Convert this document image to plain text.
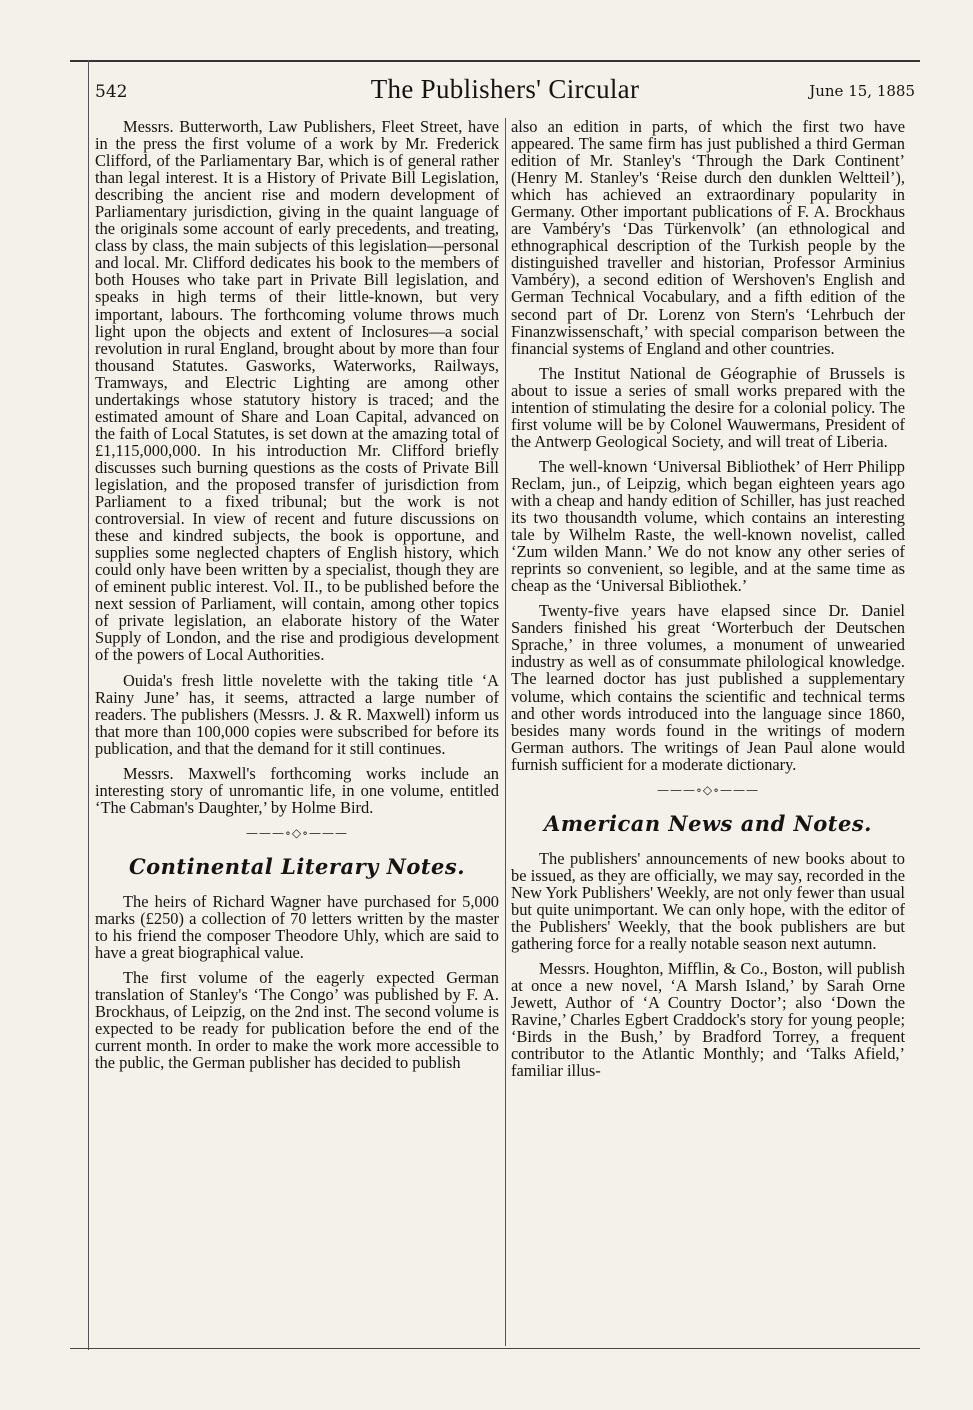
542	The Publishers' Circular	June 15, 1885

Messrs. Butterworth, Law Publishers, Fleet Street, have in the press the first volume of a work by Mr. Frederick Clifford, of the Parliamentary Bar, which is of general rather than legal interest. It is a History of Private Bill Legislation, describing the ancient rise and modern development of Parliamentary jurisdiction, giving in the quaint language of the originals some account of early precedents, and treating, class by class, the main subjects of this legislation—personal and local. Mr. Clifford dedicates his book to the members of both Houses who take part in Private Bill legislation, and speaks in high terms of their little-known, but very important, labours. The forthcoming volume throws much light upon the objects and extent of Inclosures—a social revolution in rural England, brought about by more than four thousand Statutes. Gasworks, Waterworks, Railways, Tramways, and Electric Lighting are among other undertakings whose statutory history is traced; and the estimated amount of Share and Loan Capital, advanced on the faith of Local Statutes, is set down at the amazing total of £1,115,000,000. In his introduction Mr. Clifford briefly discusses such burning questions as the costs of Private Bill legislation, and the proposed transfer of jurisdiction from Parliament to a fixed tribunal; but the work is not controversial. In view of recent and future discussions on these and kindred subjects, the book is opportune, and supplies some neglected chapters of English history, which could only have been written by a specialist, though they are of eminent public interest. Vol. II., to be published before the next session of Parliament, will contain, among other topics of private legislation, an elaborate history of the Water Supply of London, and the rise and prodigious development of the powers of Local Authorities.

Ouida's fresh little novelette with the taking title ‘A Rainy June’ has, it seems, attracted a large number of readers. The publishers (Messrs. J. & R. Maxwell) inform us that more than 100,000 copies were subscribed for before its publication, and that the demand for it still continues.

Messrs. Maxwell's forthcoming works include an interesting story of unromantic life, in one volume, entitled ‘The Cabman's Daughter,’ by Holme Bird.

———∘◇∘———
Continental Literary Notes.

The heirs of Richard Wagner have purchased for 5,000 marks (£250) a collection of 70 letters written by the master to his friend the composer Theodore Uhly, which are said to have a great biographical value.

The first volume of the eagerly expected German translation of Stanley's ‘The Congo’ was published by F. A. Brockhaus, of Leipzig, on the 2nd inst. The second volume is expected to be ready for publication before the end of the current month. In order to make the work more accessible to the public, the German publisher has decided to publish

also an edition in parts, of which the first two have appeared. The same firm has just published a third German edition of Mr. Stanley's ‘Through the Dark Continent’ (Henry M. Stanley's ‘Reise durch den dunklen Weltteil’), which has achieved an extraordinary popularity in Germany. Other important publications of F. A. Brockhaus are Vambéry's ‘Das Türkenvolk’ (an ethnological and ethnographical description of the Turkish people by the distinguished traveller and historian, Professor Arminius Vambéry), a second edition of Wershoven's English and German Technical Vocabulary, and a fifth edition of the second part of Dr. Lorenz von Stern's ‘Lehrbuch der Finanzwissenschaft,’ with special comparison between the financial systems of England and other countries.

The Institut National de Géographie of Brussels is about to issue a series of small works prepared with the intention of stimulating the desire for a colonial policy. The first volume will be by Colonel Wauwermans, President of the Antwerp Geological Society, and will treat of Liberia.

The well-known ‘Universal Bibliothek’ of Herr Philipp Reclam, jun., of Leipzig, which began eighteen years ago with a cheap and handy edition of Schiller, has just reached its two thousandth volume, which contains an interesting tale by Wilhelm Raste, the well-known novelist, called ‘Zum wilden Mann.’ We do not know any other series of reprints so convenient, so legible, and at the same time as cheap as the ‘Universal Bibliothek.’

Twenty-five years have elapsed since Dr. Daniel Sanders finished his great ‘Worterbuch der Deutschen Sprache,’ in three volumes, a monument of unwearied industry as well as of consummate philological knowledge. The learned doctor has just published a supplementary volume, which contains the scientific and technical terms and other words introduced into the language since 1860, besides many words found in the writings of modern German authors. The writings of Jean Paul alone would furnish sufficient for a moderate dictionary.

———∘◇∘———
American News and Notes.

The publishers' announcements of new books about to be issued, as they are officially, we may say, recorded in the New York Publishers' Weekly, are not only fewer than usual but quite unimportant. We can only hope, with the editor of the Publishers' Weekly, that the book publishers are but gathering force for a really notable season next autumn.

Messrs. Houghton, Mifflin, & Co., Boston, will publish at once a new novel, ‘A Marsh Island,’ by Sarah Orne Jewett, Author of ‘A Country Doctor’; also ‘Down the Ravine,’ Charles Egbert Craddock's story for young people; ‘Birds in the Bush,’ by Bradford Torrey, a frequent contributor to the Atlantic Monthly; and ‘Talks Afield,’ familiar illus-
